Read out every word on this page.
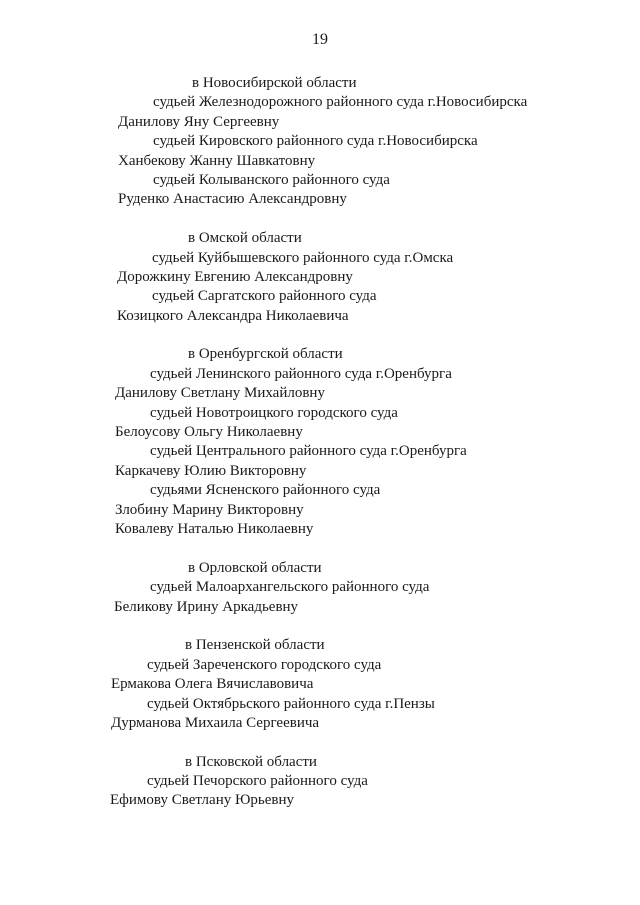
19
в Новосибирской области
судьей Железнодорожного районного суда г.Новосибирска
Данилову Яну Сергеевну
судьей Кировского районного суда г.Новосибирска
Ханбекову Жанну Шавкатовну
судьей Колыванского районного суда
Руденко Анастасию Александровну
в Омской области
судьей Куйбышевского районного суда г.Омска
Дорожкину Евгению Александровну
судьей Саргатского районного суда
Козицкого Александра Николаевича
в Оренбургской области
судьей Ленинского районного суда г.Оренбурга
Данилову Светлану Михайловну
судьей Новотроицкого городского суда
Белоусову Ольгу Николаевну
судьей Центрального районного суда г.Оренбурга
Каркачеву Юлию Викторовну
судьями Ясненского районного суда
Злобину Марину Викторовну
Ковалеву Наталью Николаевну
в Орловской области
судьей Малоархангельского районного суда
Беликову Ирину Аркадьевну
в Пензенской области
судьей Зареченского городского суда
Ермакова Олега Вячиславовича
судьей Октябрьского районного суда г.Пензы
Дурманова Михаила Сергеевича
в Псковской области
судьей Печорского районного суда
Ефимову Светлану Юрьевну
